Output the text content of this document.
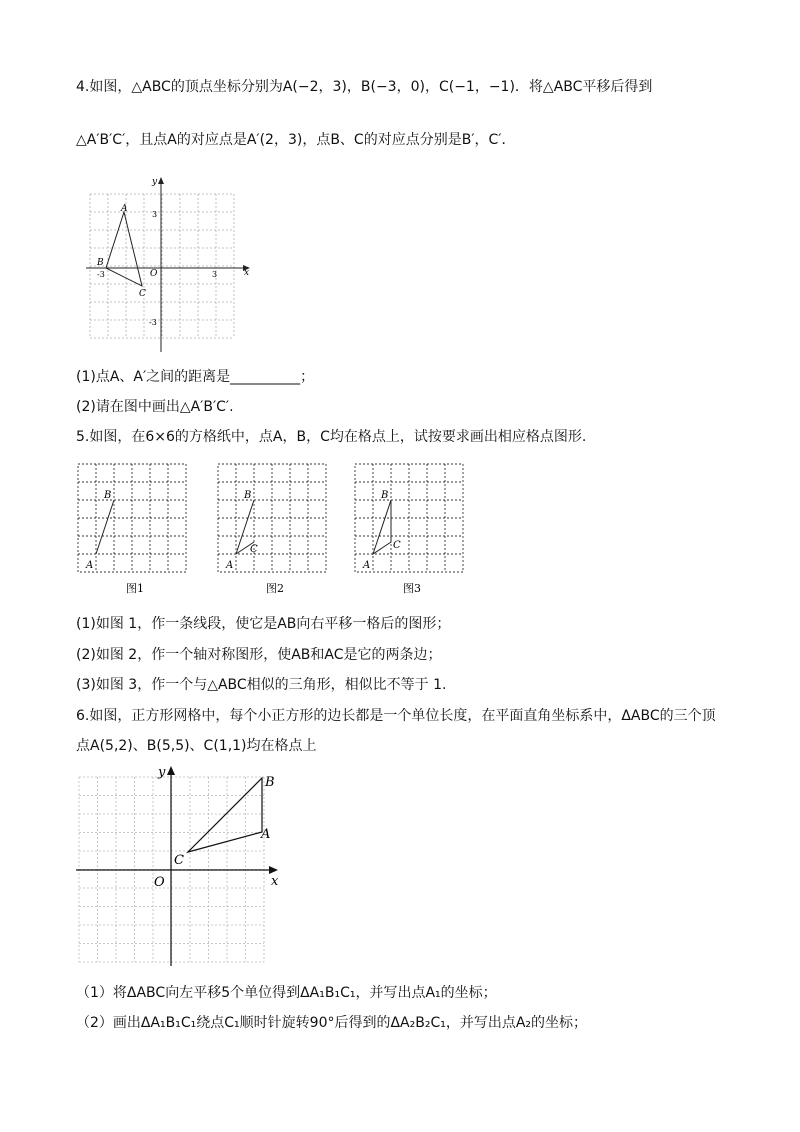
4.如图，△ABC的顶点坐标分别为A(−2，3)，B(−3，0)，C(−1，−1)．将△ABC平移后得到
△A′B′C′，且点A的对应点是A′(2，3)，点B、C的对应点分别是B′，C′．
x
y
O	3
-3
3
-3
A
B
C
(1)点A、A′之间的距离是__________；
(2)请在图中画出△A′B′C′.
5.如图，在6×6的方格纸中，点A，B，C均在格点上，试按要求画出相应格点图形.
B
A
图1
B
C
A
图2
B
C
A
图3
(1)如图 1，作一条线段，使它是AB向右平移一格后的图形；
(2)如图 2，作一个轴对称图形，使AB和AC是它的两条边；
(3)如图 3，作一个与△ABC相似的三角形，相似比不等于 1.
6.如图，正方形网格中，每个小正方形的边长都是一个单位长度，在平面直角坐标系中，ΔABC的三个顶
点A(5,2)、B(5,5)、C(1,1)均在格点上
x
y
O
B
A
C
（1）将ΔABC向左平移5个单位得到ΔA₁B₁C₁，并写出点A₁的坐标；
（2）画出ΔA₁B₁C₁绕点C₁顺时针旋转90°后得到的ΔA₂B₂C₁，并写出点A₂的坐标；
